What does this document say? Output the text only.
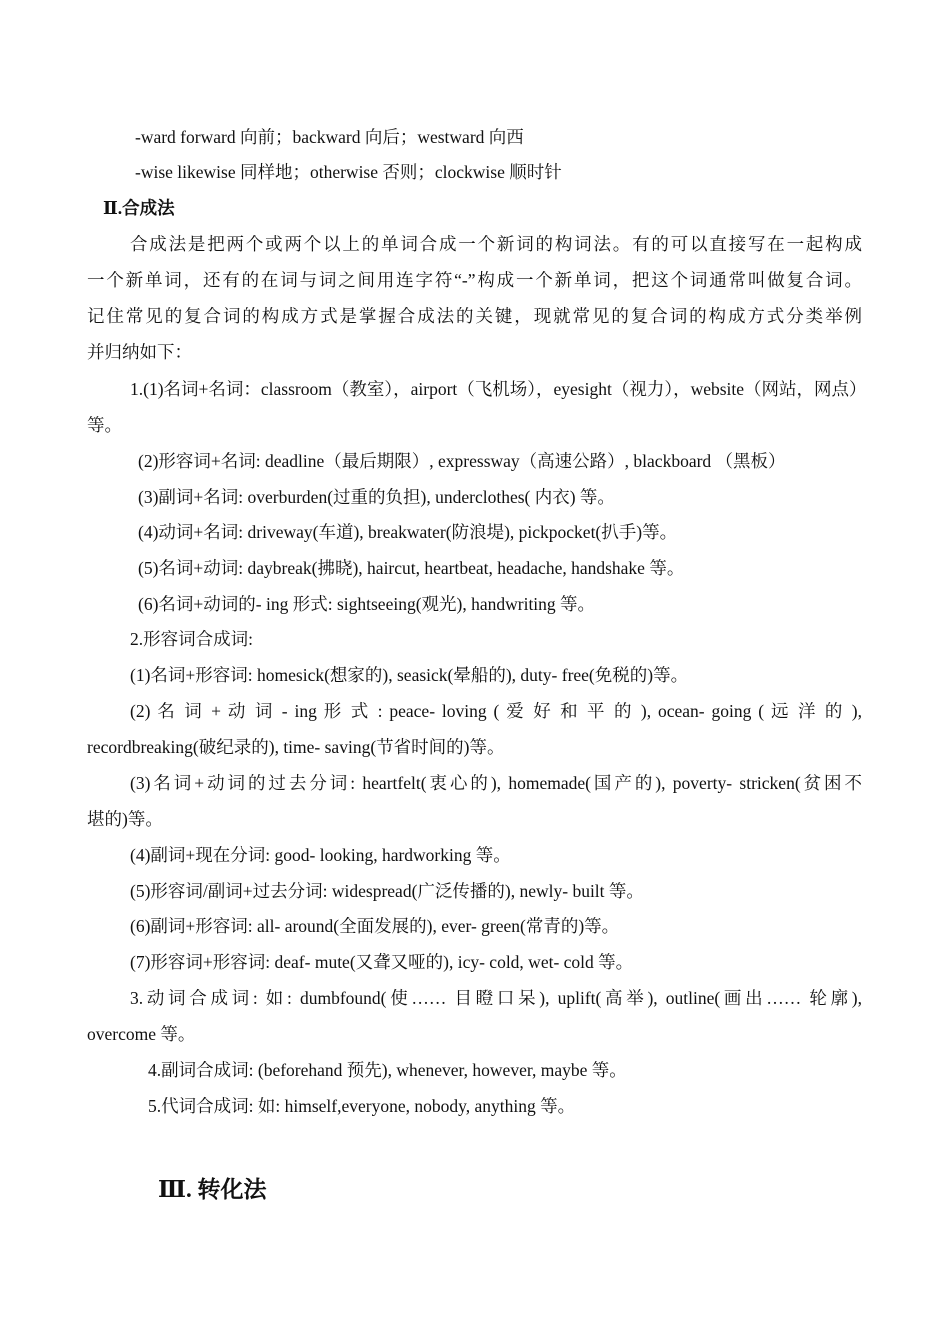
-ward forward 向前；backward 向后；westward 向西
-wise likewise 同样地；otherwise 否则；clockwise 顺时针
Ⅱ.合成法
合成法是把两个或两个以上的单词合成一个新词的构词法。有的可以直接写在一起构成
一个新单词，还有的在词与词之间用连字符“-”构成一个新单词，把这个词通常叫做复合词。
记住常见的复合词的构成方式是掌握合成法的关键，现就常见的复合词的构成方式分类举例
并归纳如下：
1.(1)名词+名词：classroom（教室），airport（飞机场），eyesight（视力），website（网站，网点）
等。
(2)形容词+名词: deadline（最后期限）, expressway（高速公路）, blackboard （黑板）
(3)副词+名词: overburden(过重的负担), underclothes( 内衣) 等。
(4)动词+名词: driveway(车道), breakwater(防浪堤), pickpocket(扒手)等。
(5)名词+动词: daybreak(拂晓), haircut, heartbeat, headache, handshake 等。
(6)名词+动词的- ing 形式: sightseeing(观光), handwriting 等。
2.形容词合成词:
(1)名词+形容词: homesick(想家的), seasick(晕船的), duty- free(免税的)等。
(2) 名 词 + 动 词 - ing 形 式 : peace- loving ( 爱 好 和 平 的 ), ocean- going ( 远 洋 的 ),
recordbreaking(破纪录的), time- saving(节省时间的)等。
(3)名词+动词的过去分词: heartfelt(衷心的), homemade(国产的), poverty- stricken(贫困不
堪的)等。
(4)副词+现在分词: good- looking, hardworking 等。
(5)形容词/副词+过去分词: widespread(广泛传播的), newly- built 等。
(6)副词+形容词: all- around(全面发展的), ever- green(常青的)等。
(7)形容词+形容词: deaf- mute(又聋又哑的), icy- cold, wet- cold 等。
3.动词合成词: 如: dumbfound(使…… 目瞪口呆), uplift(高举), outline(画出…… 轮廓),
overcome 等。
4.副词合成词: (beforehand 预先), whenever, however, maybe 等。
5.代词合成词: 如: himself,everyone, nobody, anything 等。
Ⅲ. 转化法
